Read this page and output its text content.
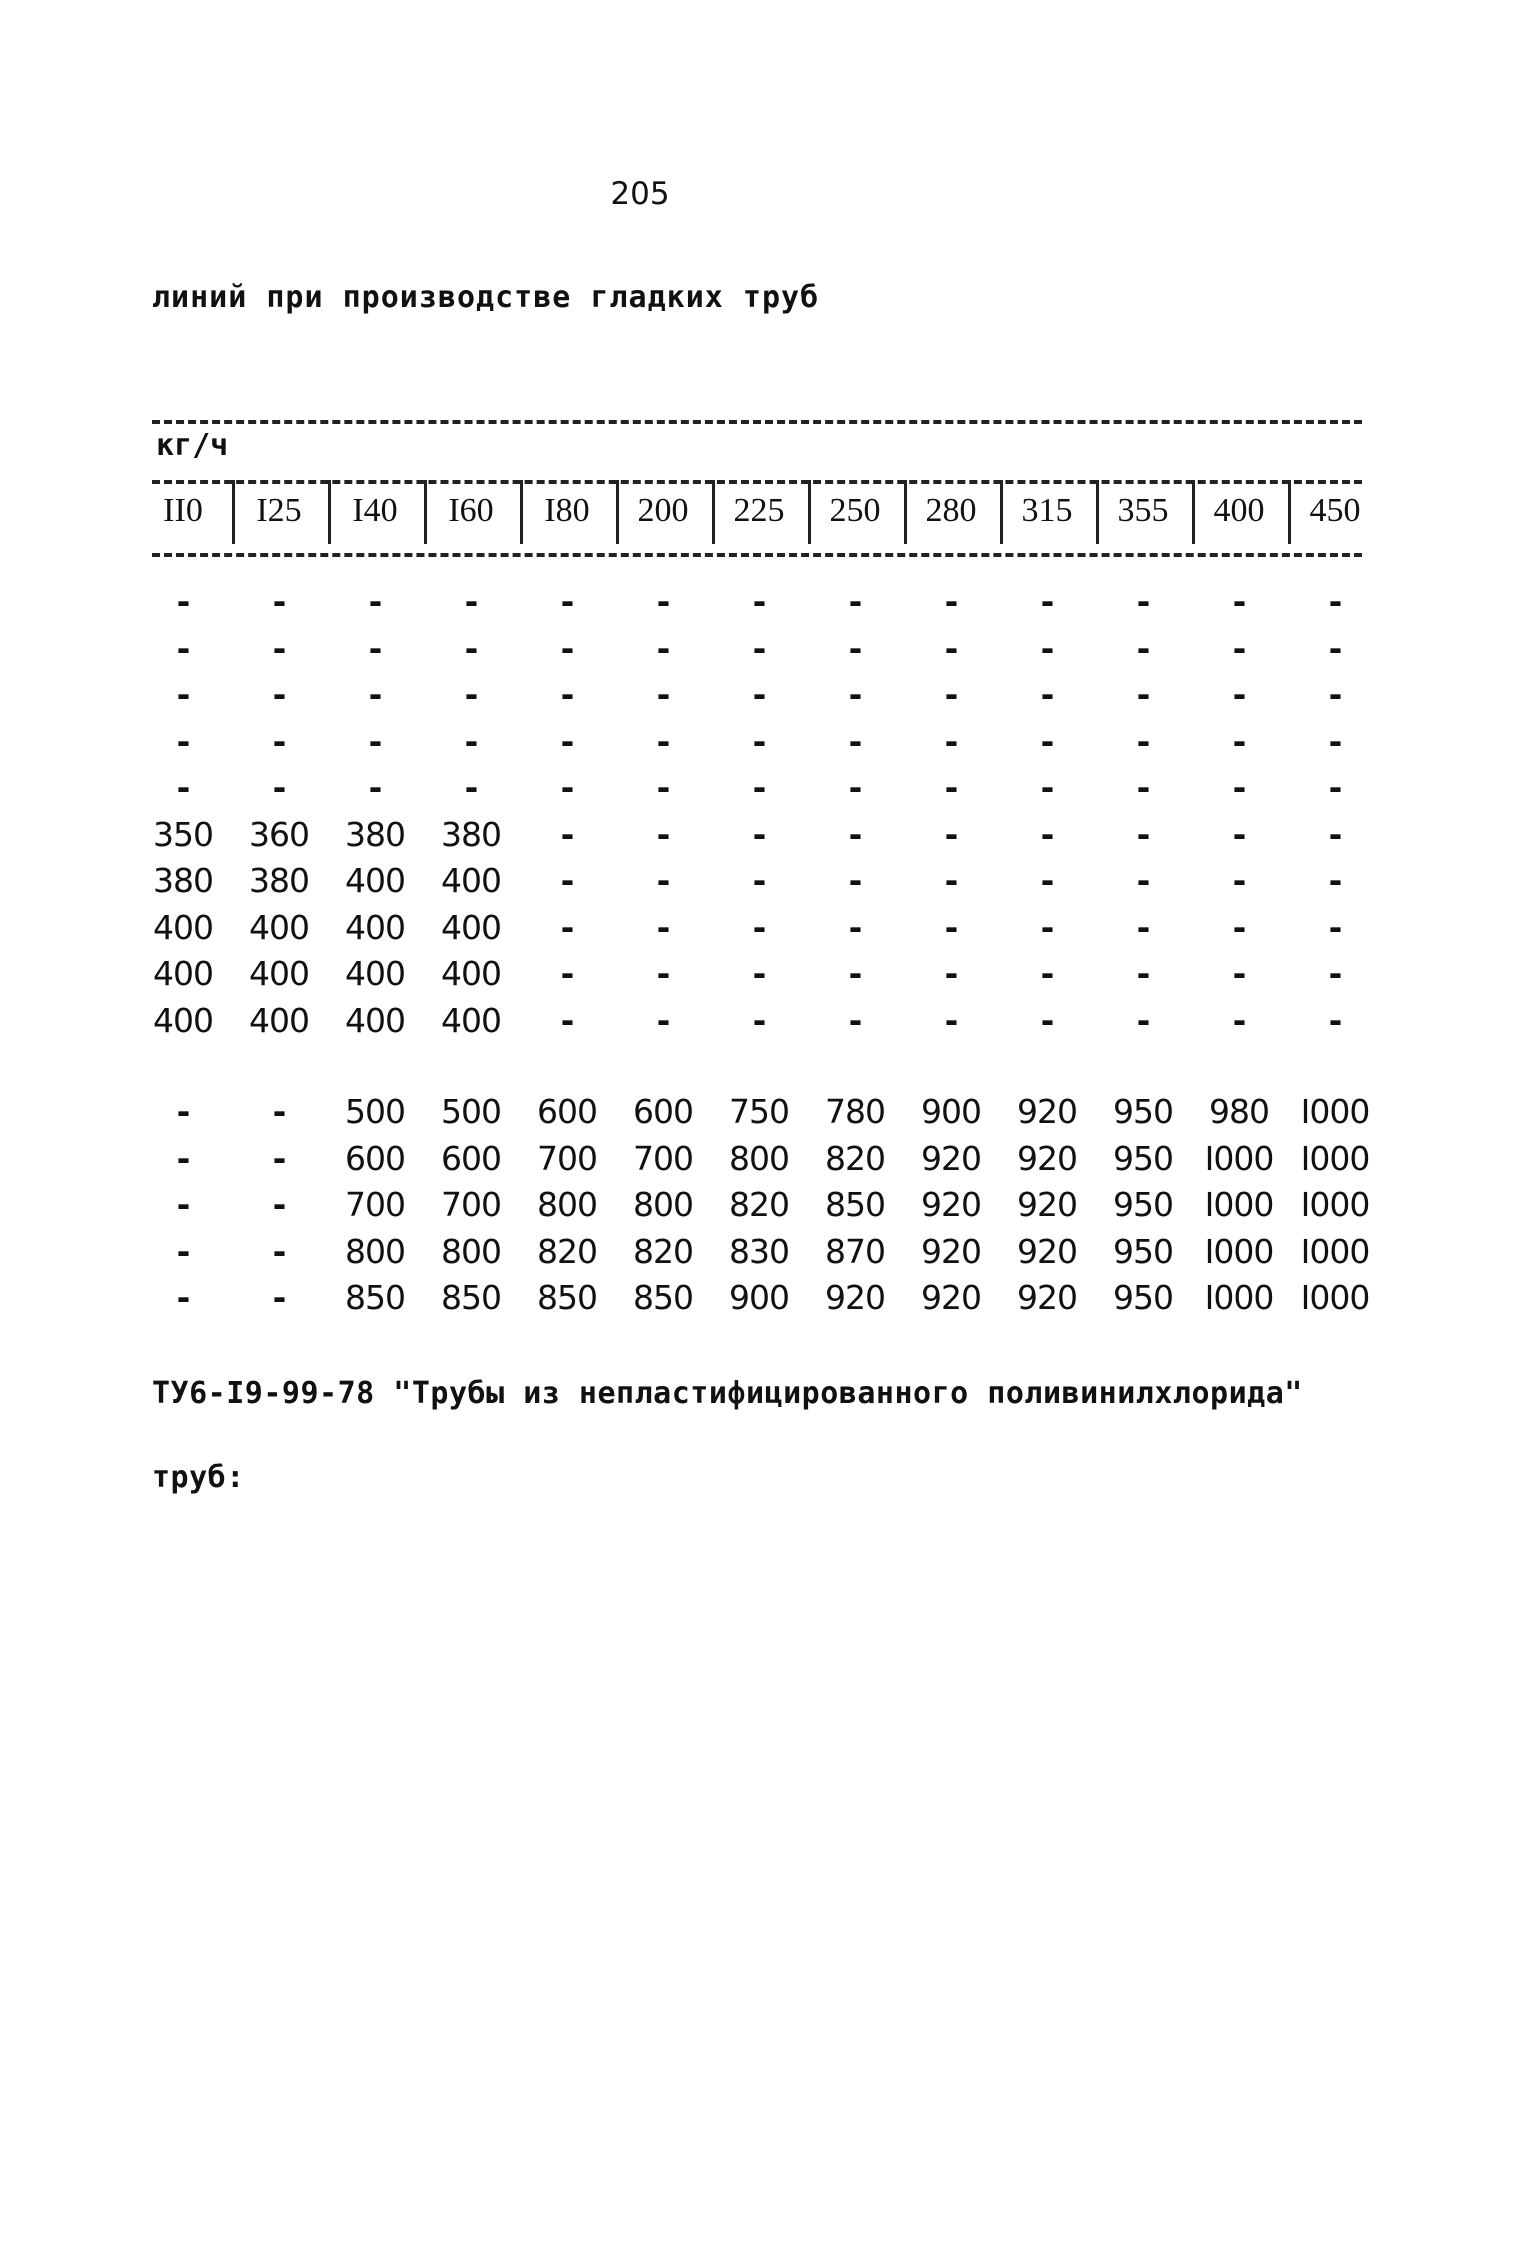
205
линий при производстве гладких труб
кг/ч
II0	I25	I40	I60	I80	200	225	250	280	315	355	400	450
-	-	-	-	-	-	-	-	-	-	-	-	-
-	-	-	-	-	-	-	-	-	-	-	-	-
-	-	-	-	-	-	-	-	-	-	-	-	-
-	-	-	-	-	-	-	-	-	-	-	-	-
-	-	-	-	-	-	-	-	-	-	-	-	-
350	360	380	380	-	-	-	-	-	-	-	-	-
380	380	400	400	-	-	-	-	-	-	-	-	-
400	400	400	400	-	-	-	-	-	-	-	-	-
400	400	400	400	-	-	-	-	-	-	-	-	-
400	400	400	400	-	-	-	-	-	-	-	-	-
-	-	500	500	600	600	750	780	900	920	950	980 I000
-	-	600	600	700	700	800	820	920	920	950 I000 I000
-	-	700	700	800	800	820	850	920	920	950 I000 I000
-	-	800	800	820	820	830	870	920	920	950 I000 I000
-	-	850	850	850	850	900	920	920	920	950 I000 I000
ТУ6-I9-99-78 "Трубы из непластифицированного поливинилхлорида"
труб:
